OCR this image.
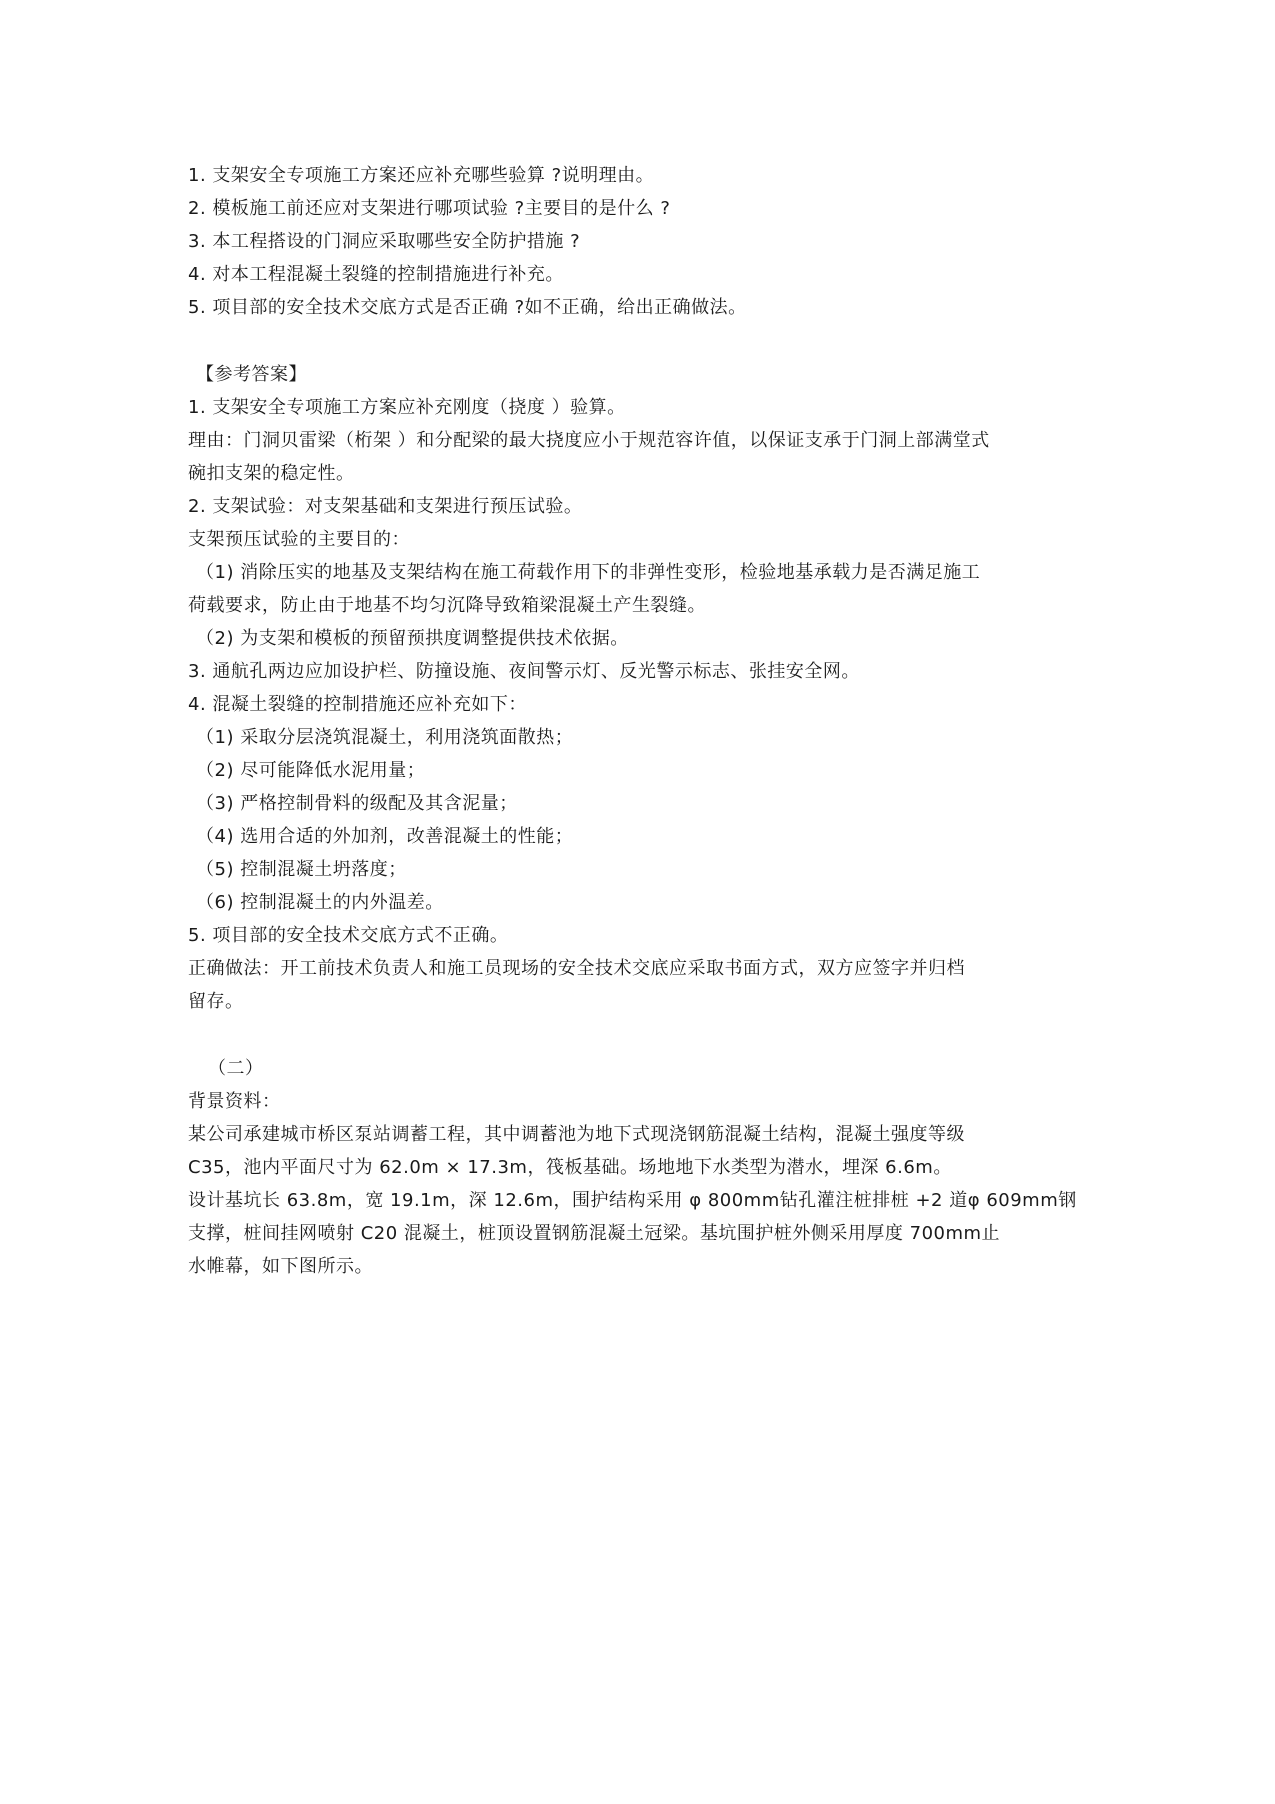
1. 支架安全专项施工方案还应补充哪些验算 ?说明理由。
2. 模板施工前还应对支架进行哪项试验 ?主要目的是什么 ?
3. 本工程搭设的门洞应采取哪些安全防护措施 ?
4. 对本工程混凝土裂缝的控制措施进行补充。
5. 项目部的安全技术交底方式是否正确 ?如不正确，给出正确做法。
【参考答案】
1. 支架安全专项施工方案应补充刚度（挠度 ）验算。
理由：门洞贝雷梁（桁架 ）和分配梁的最大挠度应小于规范容许值，以保证支承于门洞上部满堂式
碗扣支架的稳定性。
2. 支架试验：对支架基础和支架进行预压试验。
支架预压试验的主要目的：
（1) 消除压实的地基及支架结构在施工荷载作用下的非弹性变形，检验地基承载力是否满足施工
荷载要求，防止由于地基不均匀沉降导致箱梁混凝土产生裂缝。
（2) 为支架和模板的预留预拱度调整提供技术依据。
3. 通航孔两边应加设护栏、防撞设施、夜间警示灯、反光警示标志、张挂安全网。
4. 混凝土裂缝的控制措施还应补充如下：
（1) 采取分层浇筑混凝土，利用浇筑面散热；
（2) 尽可能降低水泥用量；
（3) 严格控制骨料的级配及其含泥量；
（4) 选用合适的外加剂，改善混凝土的性能；
（5) 控制混凝土坍落度；
（6) 控制混凝土的内外温差。
5. 项目部的安全技术交底方式不正确。
正确做法：开工前技术负责人和施工员现场的安全技术交底应采取书面方式，双方应签字并归档
留存。
（二）
背景资料：
某公司承建城市桥区泵站调蓄工程，其中调蓄池为地下式现浇钢筋混凝土结构，混凝土强度等级
C35，池内平面尺寸为 62.0m × 17.3m，筏板基础。场地地下水类型为潜水，埋深 6.6m。
设计基坑长 63.8m，宽 19.1m，深 12.6m，围护结构采用 φ 800mm钻孔灌注桩排桩 +2 道φ 609mm钢
支撑，桩间挂网喷射 C20 混凝土，桩顶设置钢筋混凝土冠梁。基坑围护桩外侧采用厚度 700mm止
水帷幕，如下图所示。
